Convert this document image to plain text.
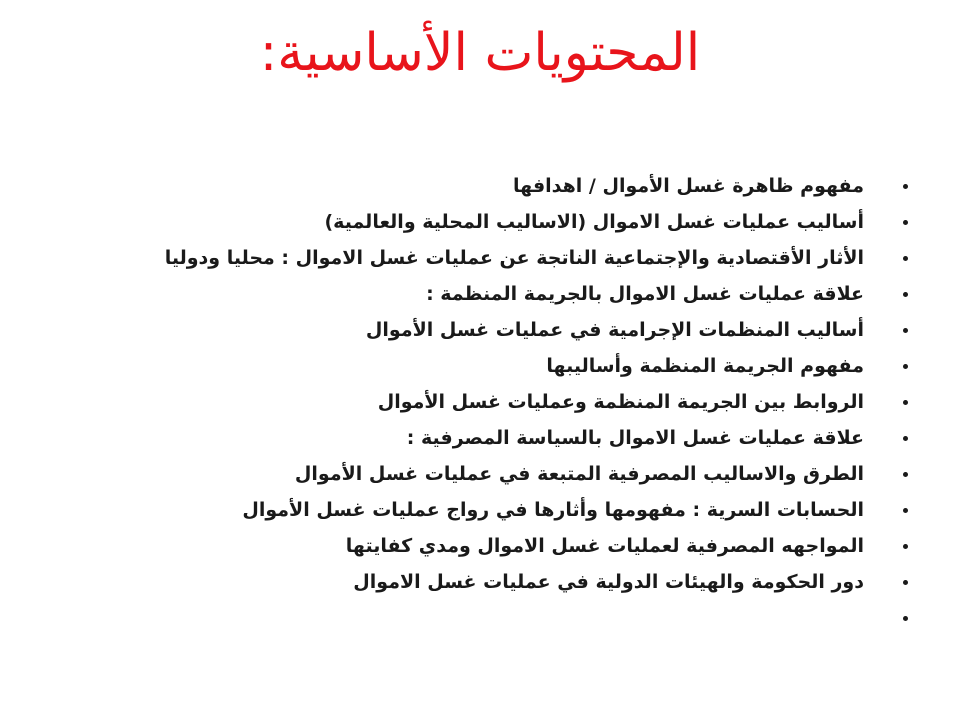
المحتويات الأساسية:
مفهوم ظاهرة غسل الأموال / اهدافها
أساليب عمليات غسل الاموال (الاساليب المحلية والعالمية)
الأثار الأقتصادية والإجتماعية الناتجة عن عمليات غسل الاموال : محليا ودوليا
علاقة عمليات غسل الاموال بالجريمة المنظمة :
أساليب المنظمات الإجرامية في عمليات غسل الأموال
مفهوم الجريمة المنظمة وأساليبها
الروابط بين الجريمة المنظمة وعمليات غسل الأموال
علاقة عمليات غسل الاموال بالسياسة المصرفية :
الطرق والاساليب المصرفية المتبعة في عمليات غسل الأموال
الحسابات السرية : مفهومها وأثارها في رواج عمليات غسل الأموال
المواجهه المصرفية لعمليات غسل الاموال ومدي كفايتها
دور الحكومة والهيئات الدولية في عمليات غسل الاموال
